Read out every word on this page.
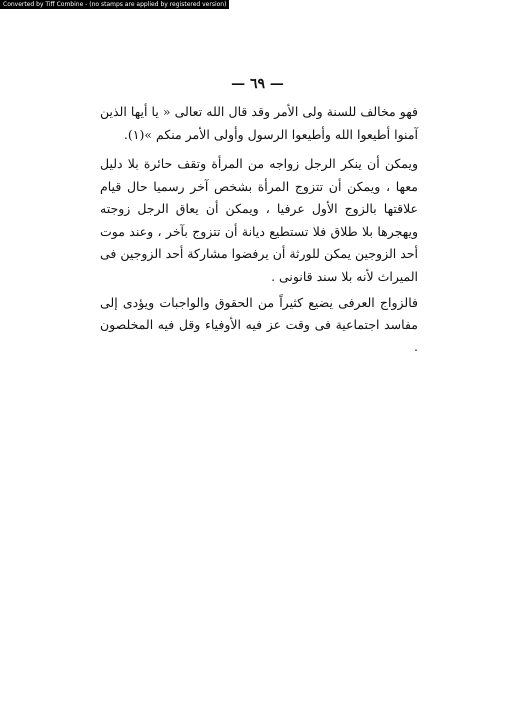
Converted by Tiff Combine - (no stamps are applied by registered version)
— ٦٩ —

فهو مخالف للسنة ولى الأمر وقد قال الله تعالى « يا أيها الذين آمنوا أطيعوا الله وأطيعوا الرسول وأولى الأمر منكم »(١).

ويمكن أن ينكر الرجل زواجه من المرأة وتقف حائرة بلا دليل معها ، ويمكن أن تتزوج المرأة بشخص آخر رسميا حال قيام علاقتها بالزوج الأول عرفيا ، ويمكن أن يعاق الرجل زوجته ويهجرها بلا طلاق فلا تستطيع ديانة أن تتزوج بآخر ، وعند موت أحد الزوجين يمكن للورثة أن يرفضوا مشاركة أحد الزوجين فى الميراث لأنه بلا سند قانونى .

فالزواج العرفى يضيع كثيراً من الحقوق والواجبات ويؤدى إلى مفاسد اجتماعية فى وقت عز فيه الأوفياء وقل فيه المخلصون .
